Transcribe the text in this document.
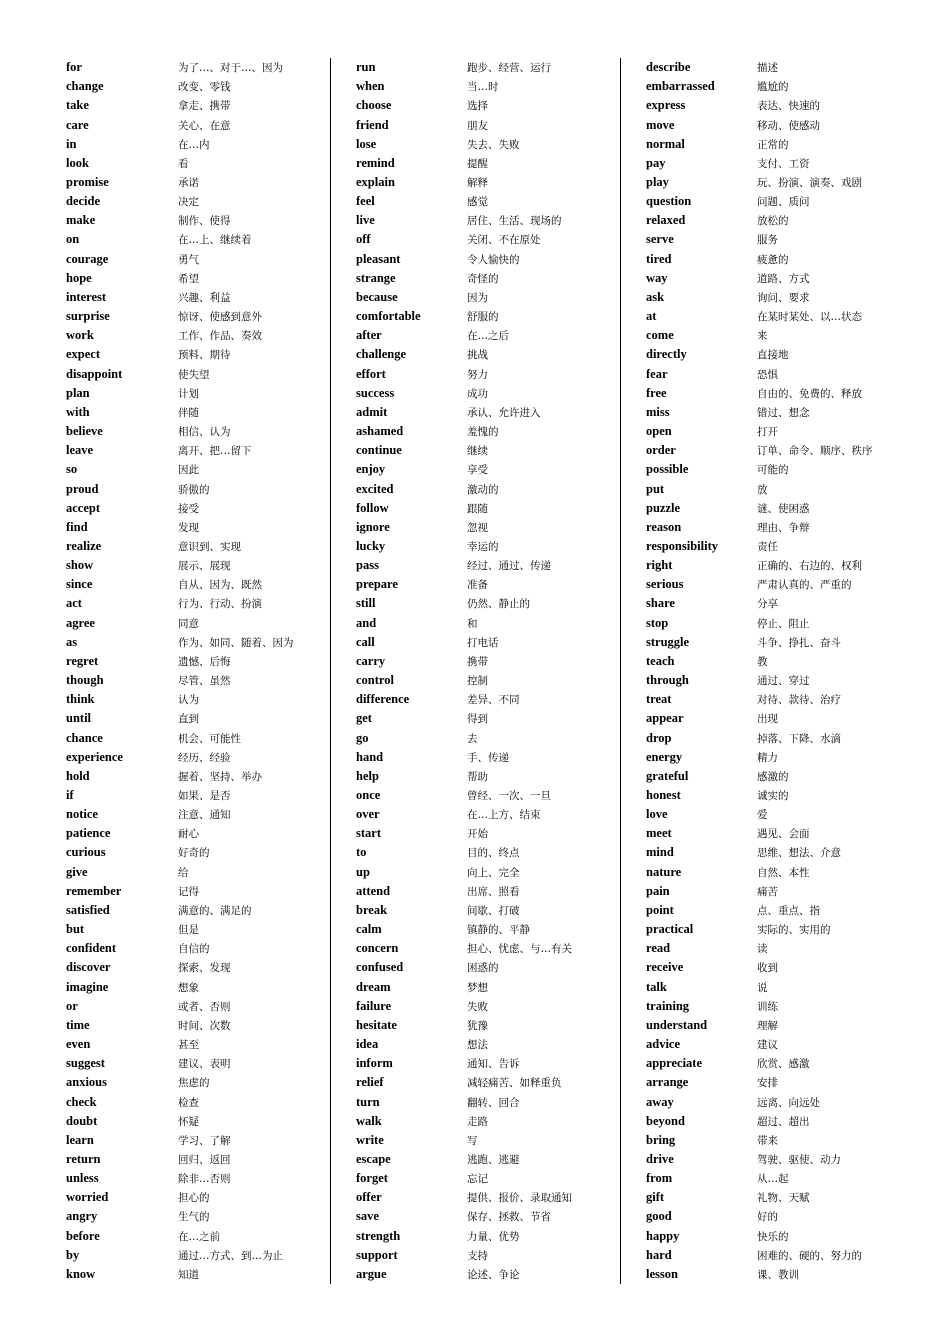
for	为了…、对于…、因为
change	改变、零钱
take	拿走、携带
care	关心、在意
in	在…内
look	看
promise	承诺
decide	决定
make	制作、使得
on	在…上、继续着
courage	勇气
hope	希望
interest	兴趣、利益
surprise	惊讶、使感到意外
work	工作、作品、奏效
expect	预料、期待
disappoint	使失望
plan	计划
with	伴随
believe	相信、认为
leave	离开、把…留下
so	因此
proud	骄傲的
accept	接受
find	发现
realize	意识到、实现
show	展示、展现
since	自从、因为、既然
act	行为、行动、扮演
agree	同意
as	作为、如同、随着、因为
regret	遗憾、后悔
though	尽管、虽然
think	认为
until	直到
chance	机会、可能性
experience	经历、经验
hold	握着、坚持、举办
if	如果、是否
notice	注意、通知
patience	耐心
curious	好奇的
give	给
remember	记得
satisfied	满意的、满足的
but	但是
confident	自信的
discover	探索、发现
imagine	想象
or	或者、否则
time	时间、次数
even	甚至
suggest	建议、表明
anxious	焦虑的
check	检查
doubt	怀疑
learn	学习、了解
return	回归、返回
unless	除非…否则
worried	担心的
angry	生气的
before	在…之前
by	通过…方式、到…为止
know	知道
run	跑步、经营、运行
when	当…时
choose	选择
friend	朋友
lose	失去、失败
remind	提醒
explain	解释
feel	感觉
live	居住、生活、现场的
off	关闭、不在原处
pleasant	令人愉快的
strange	奇怪的
because	因为
comfortable	舒服的
after	在…之后
challenge	挑战
effort	努力
success	成功
admit	承认、允许进入
ashamed	羞愧的
continue	继续
enjoy	享受
excited	激动的
follow	跟随
ignore	忽视
lucky	幸运的
pass	经过、通过、传递
prepare	准备
still	仍然、静止的
and	和
call	打电话
carry	携带
control	控制
difference	差异、不同
get	得到
go	去
hand	手、传递
help	帮助
once	曾经、一次、一旦
over	在…上方、结束
start	开始
to	目的、终点
up	向上、完全
attend	出席、照看
break	间歇、打破
calm	镇静的、平静
concern	担心、忧虑、与…有关
confused	困惑的
dream	梦想
failure	失败
hesitate	犹豫
idea	想法
inform	通知、告诉
relief	减轻痛苦、如释重负
turn	翻转、回合
walk	走路
write	写
escape	逃跑、逃避
forget	忘记
offer	提供、报价、录取通知
save	保存、拯救、节省
strength	力量、优势
support	支持
argue	论述、争论
describe	描述
embarrassed	尴尬的
express	表达、快速的
move	移动、使感动
normal	正常的
pay	支付、工资
play	玩、扮演、演奏、戏剧
question	问题、质问
relaxed	放松的
serve	服务
tired	疲惫的
way	道路、方式
ask	询问、要求
at	在某时某处、以…状态
come	来
directly	直接地
fear	恐惧
free	自由的、免费的、释放
miss	错过、想念
open	打开
order	订单、命令、顺序、秩序
possible	可能的
put	放
puzzle	谜、使困惑
reason	理由、争辩
responsibility	责任
right	正确的、右边的、权利
serious	严肃认真的、严重的
share	分享
stop	停止、阻止
struggle	斗争、挣扎、奋斗
teach	教
through	通过、穿过
treat	对待、款待、治疗
appear	出现
drop	掉落、下降、水滴
energy	精力
grateful	感激的
honest	诚实的
love	爱
meet	遇见、会面
mind	思维、想法、介意
nature	自然、本性
pain	痛苦
point	点、重点、指
practical	实际的、实用的
read	读
receive	收到
talk	说
training	训练
understand	理解
advice	建议
appreciate	欣赏、感激
arrange	安排
away	远离、向远处
beyond	超过、超出
bring	带来
drive	驾驶、驱使、动力
from	从…起
gift	礼物、天赋
good	好的
happy	快乐的
hard	困难的、硬的、努力的
lesson	课、教训
